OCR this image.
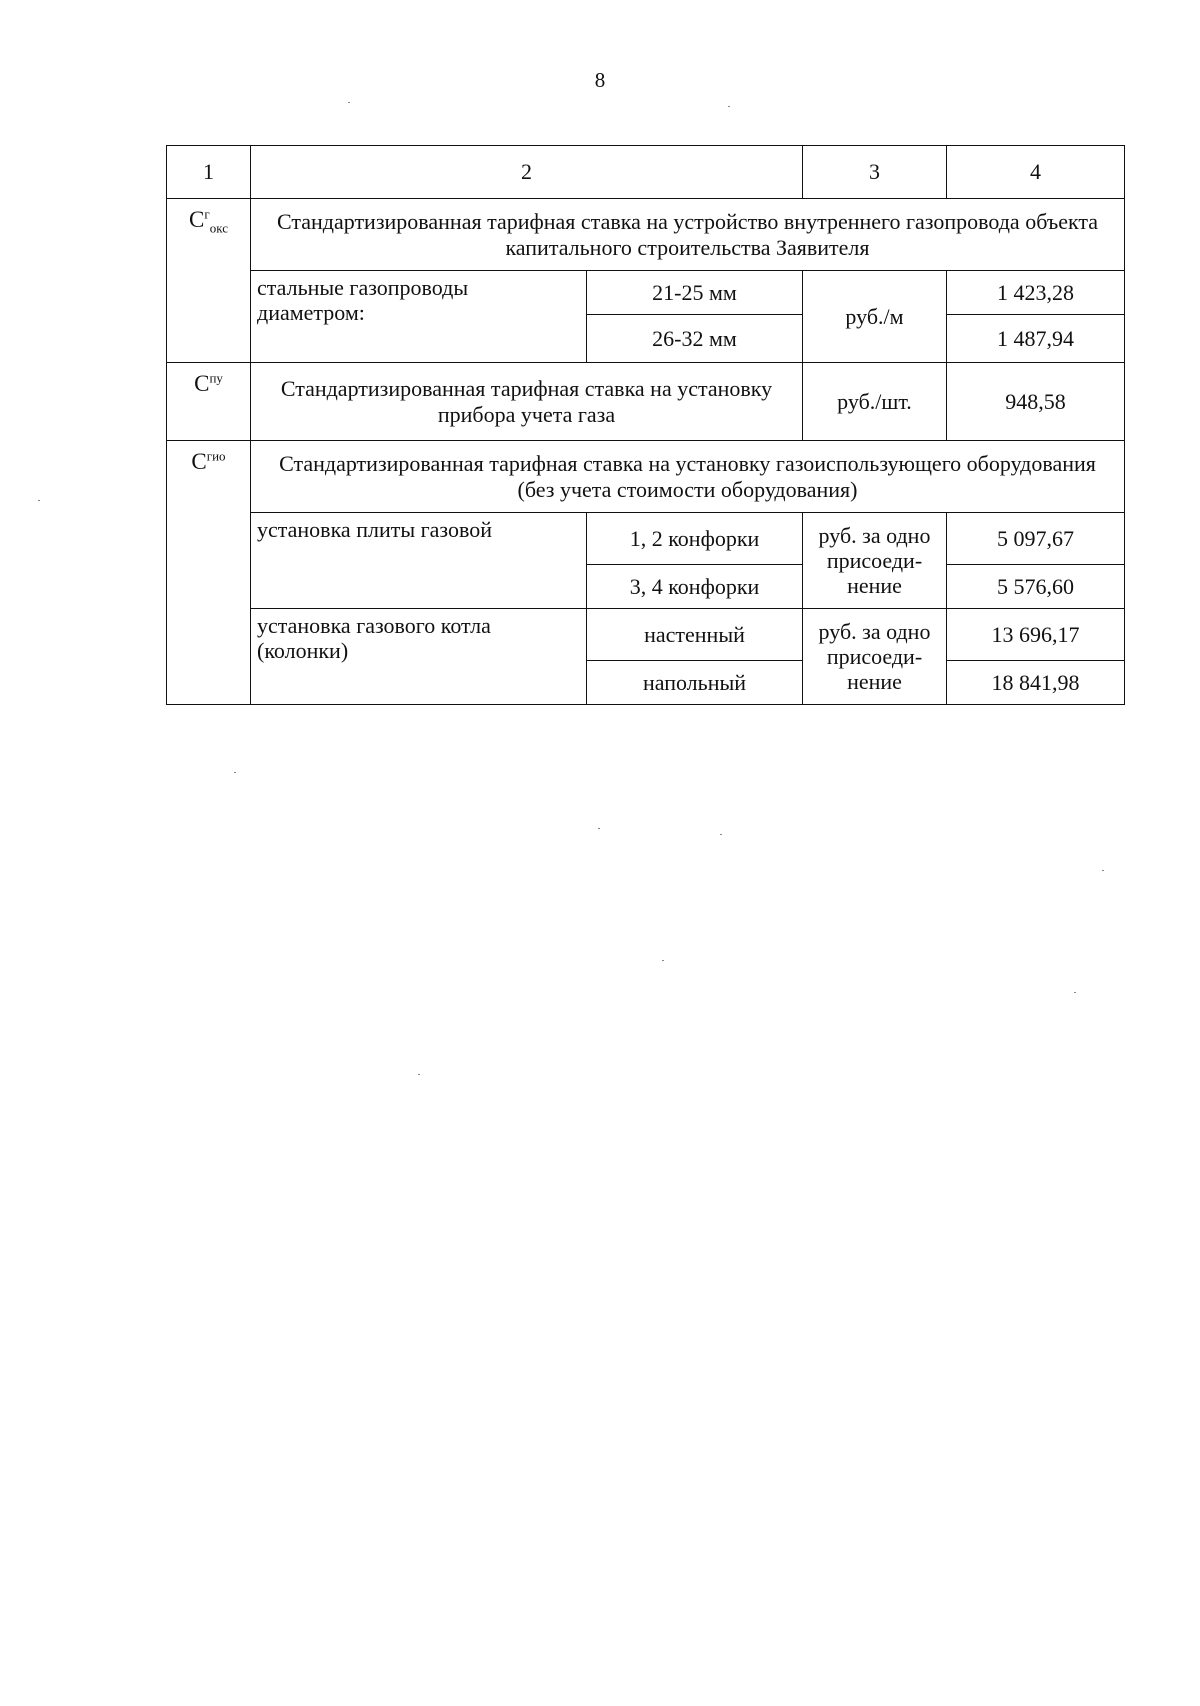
8
1	2		3	4
$C^г_{окс}$	Стандартизированная тарифная ставка на устройство внутреннего газопровода объекта капитального строительства Заявителя			
	стальные газопроводы диаметром:	21-25 мм	руб./м	1 423,28
		26-32 мм		1 487,94
$C^{пу}$	Стандартизированная тарифная ставка на установку прибора учета газа		руб./шт.	948,58
$C^{гио}$	Стандартизированная тарифная ставка на установку газоиспользующего оборудования (без учета стоимости оборудования)			
	установка плиты газовой	1, 2 конфорки	руб. за одно присоеди-нение	5 097,67
		3, 4 конфорки		5 576,60
	установка газового котла (колонки)	настенный	руб. за одно присоеди-нение	13 696,17
		напольный		18 841,98
